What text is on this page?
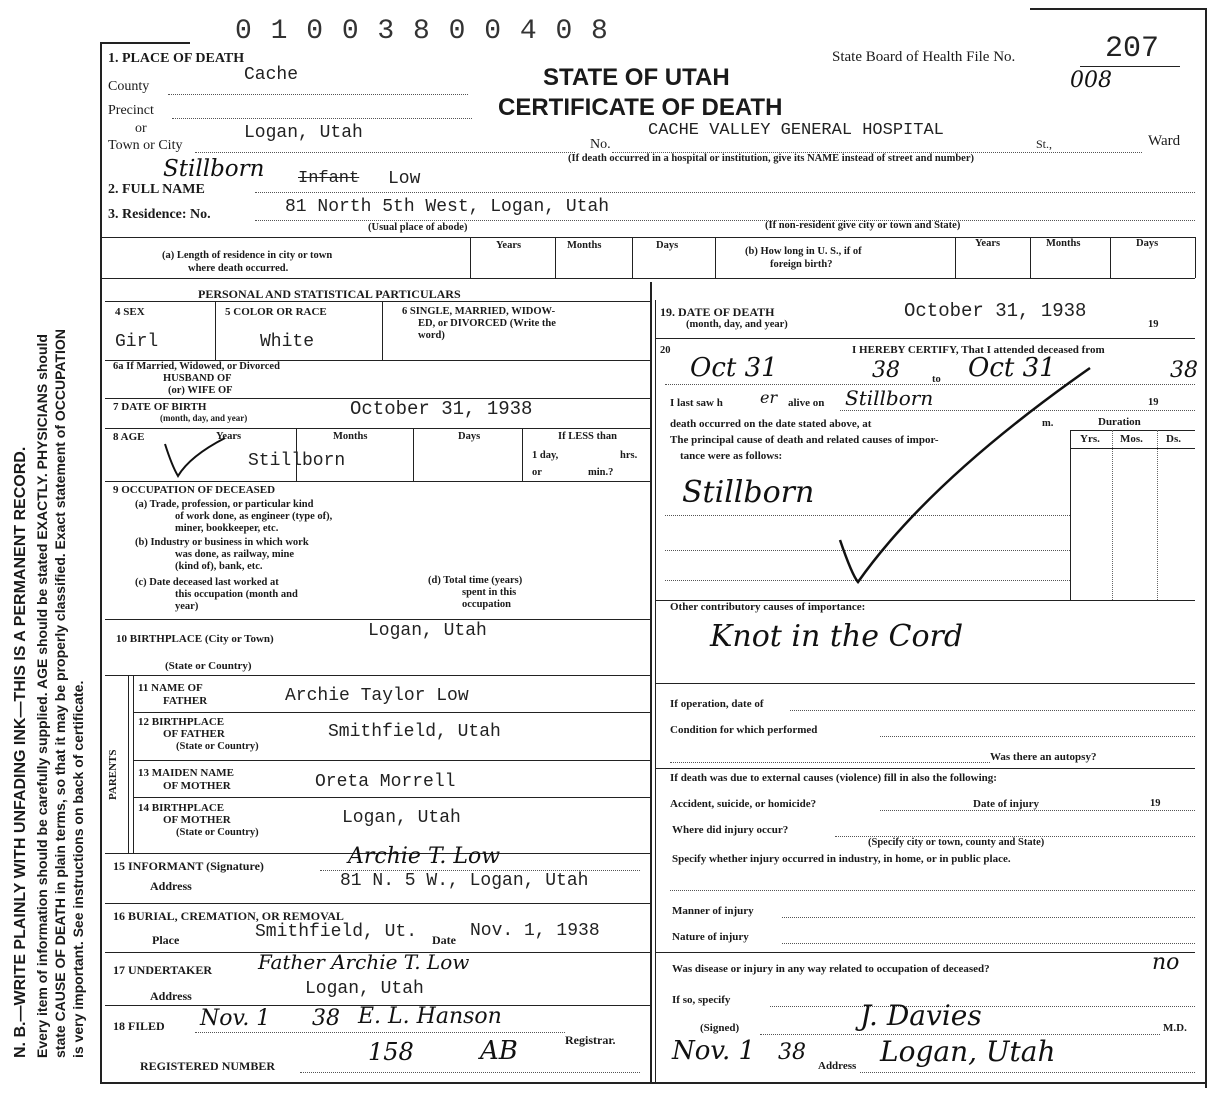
N. B.—WRITE PLAINLY WITH UNFADING INK—THIS IS A PERMANENT RECORD. Every item of information should be carefully supplied. AGE should be stated EXACTLY. PHYSICIANS should state CAUSE OF DEATH in plain terms, so that it may be properly classified. Exact statement of OCCUPATION is very important. See instructions on back of certificate.
0 1 0 0 3 8 0 0 4 0 8
State Board of Health File No.	207
008
STATE OF UTAH
CERTIFICATE OF DEATH
1. PLACE OF DEATH
County
Cache
Precinct
or
Town or City
Logan, Utah
No.
CACHE VALLEY GENERAL HOSPITAL
St.,	Ward
(If death occurred in a hospital or institution, give its NAME instead of street and number)
2. FULL NAME
Stillborn Infant Low
3. Residence: No.	81 North 5th West, Logan, Utah
(Usual place of abode)	(If non-resident give city or town and State)
(a) Length of residence in city or town
where death occurred.
Years	Months	Days
(b) How long in U. S., if of
foreign birth?
Years	Months	Days
PERSONAL AND STATISTICAL PARTICULARS
4 SEX
Girl
5 COLOR OR RACE
White
6 SINGLE, MARRIED, WIDOW-
ED, or DIVORCED (Write the
word)
6a If Married, Widowed, or Divorced
HUSBAND OF
(or) WIFE OF
7 DATE OF BIRTH
(month, day, and year)	October 31, 1938
8 AGE	Years	Months	Days
Stillborn
If LESS than
1 day,	hrs.
or	min.?
9 OCCUPATION OF DECEASED
(a) Trade, profession, or particular kind
of work done, as engineer (type of),
miner, bookkeeper, etc.
(b) Industry or business in which work
was done, as railway, mine
(kind of), bank, etc.
(c) Date deceased last worked at
this occupation (month and
year)
(d) Total time (years)
spent in this
occupation
10 BIRTHPLACE (City or Town)	Logan, Utah
(State or Country)
PARENTS
11 NAME OF
FATHER	Archie Taylor Low
12 BIRTHPLACE
OF FATHER
(State or Country)
Smithfield, Utah
13 MAIDEN NAME
OF MOTHER	Oreta Morrell
14 BIRTHPLACE
OF MOTHER
(State or Country)
Logan, Utah
15 INFORMANT (Signature)	Archie T. Low
Address	81 N. 5 W., Logan, Utah
16 BURIAL, CREMATION, OR REMOVAL
Place	Smithfield, Ut. Date Nov. 1, 1938
17 UNDERTAKER Father Archie T. Low
Address	Logan, Utah
18 FILED Nov. 1 38 E. L. Hanson
Registrar.
REGISTERED NUMBER	158	AB
19. DATE OF DEATH
(month, day, and year)
October 31, 1938
19
20	I HEREBY CERTIFY, That I attended deceased from
Oct 31	38	to Oct 31	38
I last saw h er alive on Stillborn	19
death occurred on the date stated above, at	m.	Duration
The principal cause of death and related causes of impor-
tance were as follows:
Yrs. Mos. Ds.
Stillborn
Other contributory causes of importance:
Knot in the Cord
If operation, date of
Condition for which performed
Was there an autopsy?
If death was due to external causes (violence) fill in also the following:
Accident, suicide, or homicide?	Date of injury	19
Where did injury occur?
(Specify city or town, county and State)
Specify whether injury occurred in industry, in home, or in public place.
Manner of injury
Nature of injury
Was disease or injury in any way related to occupation of deceased?	no
If so, specify
(Signed)	J. Davies	M.D.
Nov. 1 38
Address Logan, Utah
